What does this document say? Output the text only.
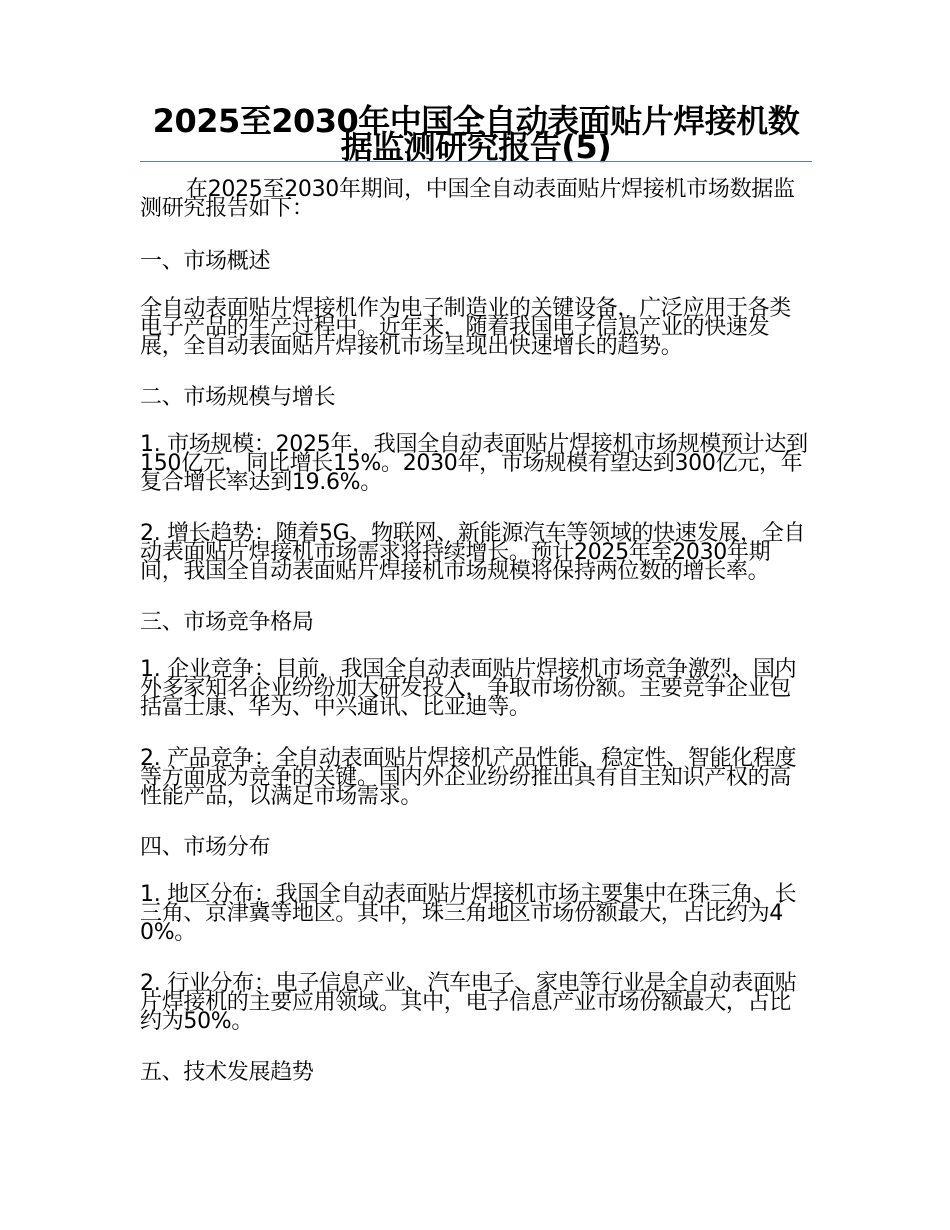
2025至2030年中国全自动表面贴片焊接机数据监测研究报告(5)

在2025至2030年期间，中国全自动表面贴片焊接机市场数据监测研究报告如下：

一、市场概述

全自动表面贴片焊接机作为电子制造业的关键设备，广泛应用于各类电子产品的生产过程中。近年来，随着我国电子信息产业的快速发展，全自动表面贴片焊接机市场呈现出快速增长的趋势。

二、市场规模与增长

1. 市场规模：2025年，我国全自动表面贴片焊接机市场规模预计达到150亿元，同比增长15%。2030年，市场规模有望达到300亿元，年复合增长率达到19.6%。

2. 增长趋势：随着5G、物联网、新能源汽车等领域的快速发展，全自动表面贴片焊接机市场需求将持续增长。预计2025年至2030年期间，我国全自动表面贴片焊接机市场规模将保持两位数的增长率。

三、市场竞争格局

1. 企业竞争：目前，我国全自动表面贴片焊接机市场竞争激烈，国内外多家知名企业纷纷加大研发投入，争取市场份额。主要竞争企业包括富士康、华为、中兴通讯、比亚迪等。

2. 产品竞争：全自动表面贴片焊接机产品性能、稳定性、智能化程度等方面成为竞争的关键。国内外企业纷纷推出具有自主知识产权的高性能产品，以满足市场需求。

四、市场分布

1. 地区分布：我国全自动表面贴片焊接机市场主要集中在珠三角、长三角、京津冀等地区。其中，珠三角地区市场份额最大，占比约为40%。

2. 行业分布：电子信息产业、汽车电子、家电等行业是全自动表面贴片焊接机的主要应用领域。其中，电子信息产业市场份额最大，占比约为50%。

五、技术发展趋势
